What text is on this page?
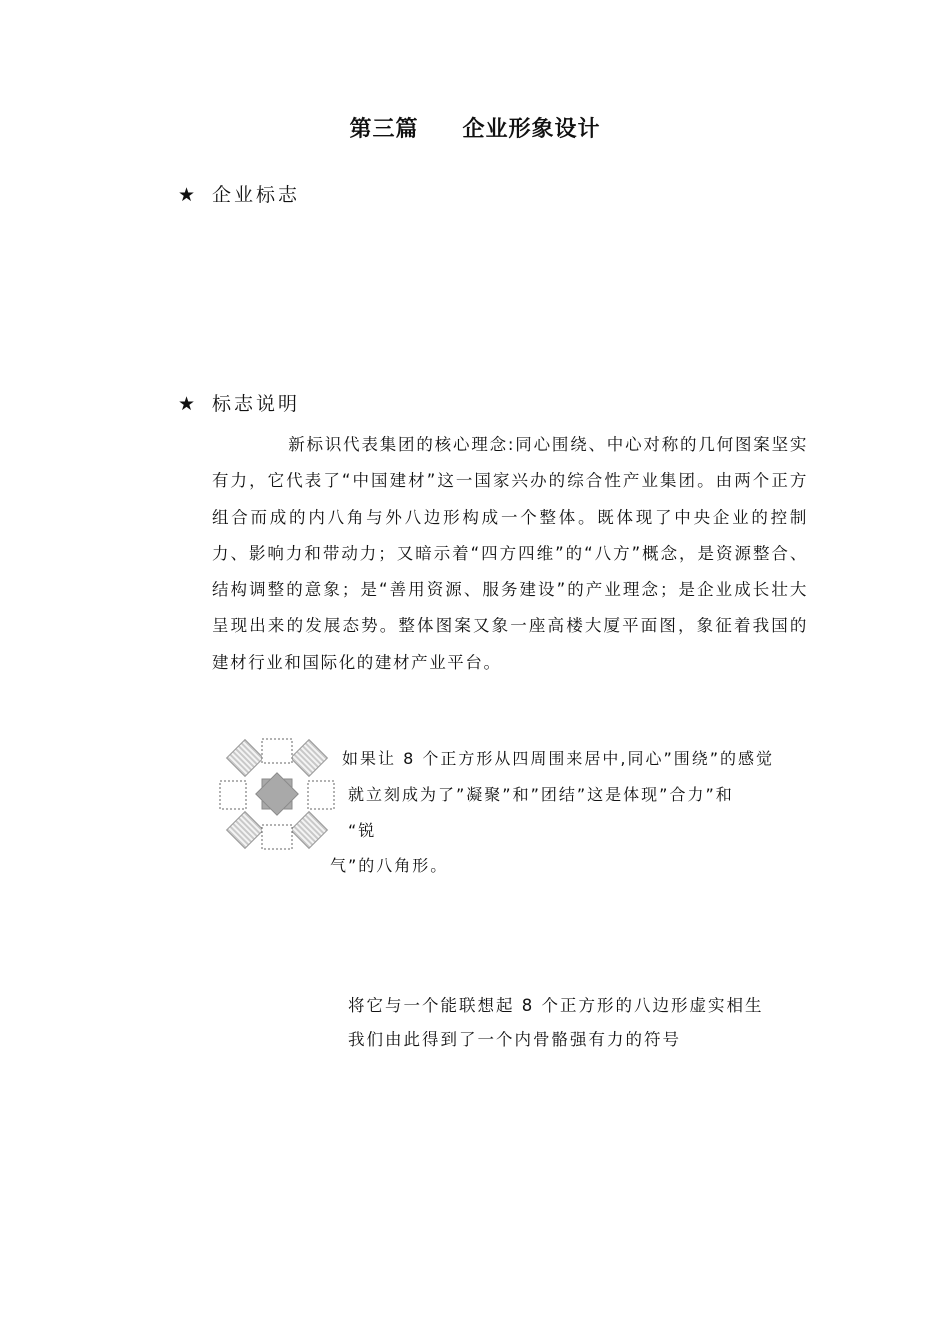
第三篇 企业形象设计
★ 企业标志
★ 标志说明
新标识代表集团的核心理念:同心围绕、中心对称的几何图案坚实有力，它代表了“中国建材”这一国家兴办的综合性产业集团。由两个正方组合而成的内八角与外八边形构成一个整体。既体现了中央企业的控制力、影响力和带动力；又暗示着“四方四维”的“八方”概念，是资源整合、结构调整的意象；是“善用资源、服务建设”的产业理念；是企业成长壮大呈现出来的发展态势。整体图案又象一座高楼大厦平面图，象征着我国的建材行业和国际化的建材产业平台。
如果让 8 个正方形从四周围来居中,同心”围绕”的感觉
就立刻成为了”凝聚”和”团结”这是体现”合力”和
“锐
气”的八角形。
将它与一个能联想起 8 个正方形的八边形虚实相生
我们由此得到了一个内骨骼强有力的符号
